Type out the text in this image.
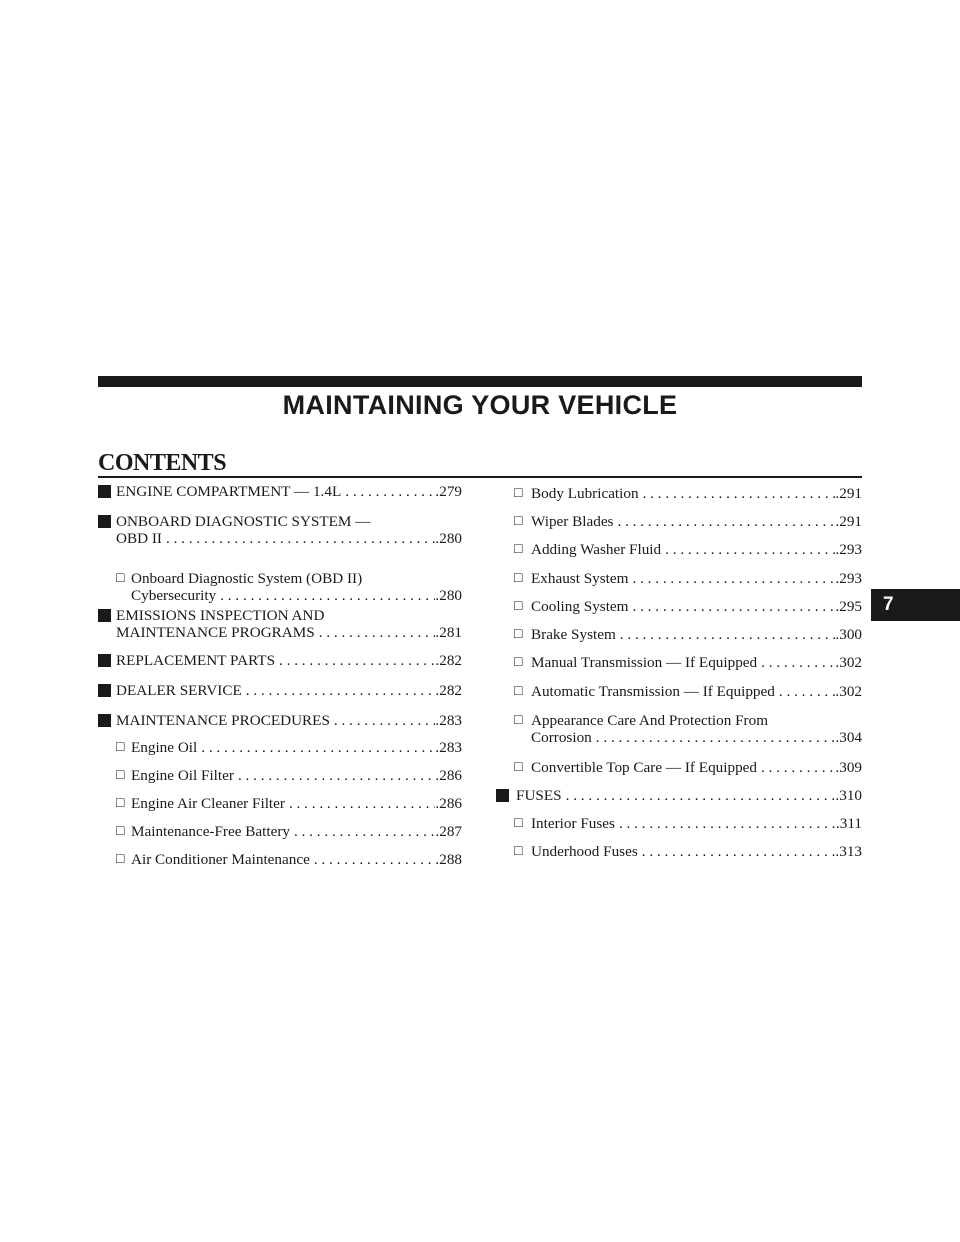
MAINTAINING YOUR VEHICLE
CONTENTS
ENGINE COMPARTMENT — 1.4L . . .	.279
ONBOARD DIAGNOSTIC SYSTEM —
OBD II . . .	.280
□ Onboard Diagnostic System (OBD II)
Cybersecurity . . .	.280
EMISSIONS INSPECTION AND
MAINTENANCE PROGRAMS . . .	.281
REPLACEMENT PARTS . . .	.282
DEALER SERVICE . . .	.282
MAINTENANCE PROCEDURES . . .	.283
□ Engine Oil . . .	.283
□ Engine Oil Filter . . .	.286
□ Engine Air Cleaner Filter . . .	.286
□ Maintenance-Free Battery . . .	.287
□ Air Conditioner Maintenance . . .	.288
□ Body Lubrication . . .	.291
□ Wiper Blades . . .	.291
□ Adding Washer Fluid . . .	.293
□ Exhaust System . . .	.293
□ Cooling System . . .	.295
□ Brake System . . .	.300
□ Manual Transmission — If Equipped . . .	.302
□ Automatic Transmission — If Equipped . . .	.302
□ Appearance Care And Protection From
Corrosion . . .	.304
□ Convertible Top Care — If Equipped . . .	.309
FUSES . . .	.310
□ Interior Fuses . . .	.311
□ Underhood Fuses . . .	.313
7
